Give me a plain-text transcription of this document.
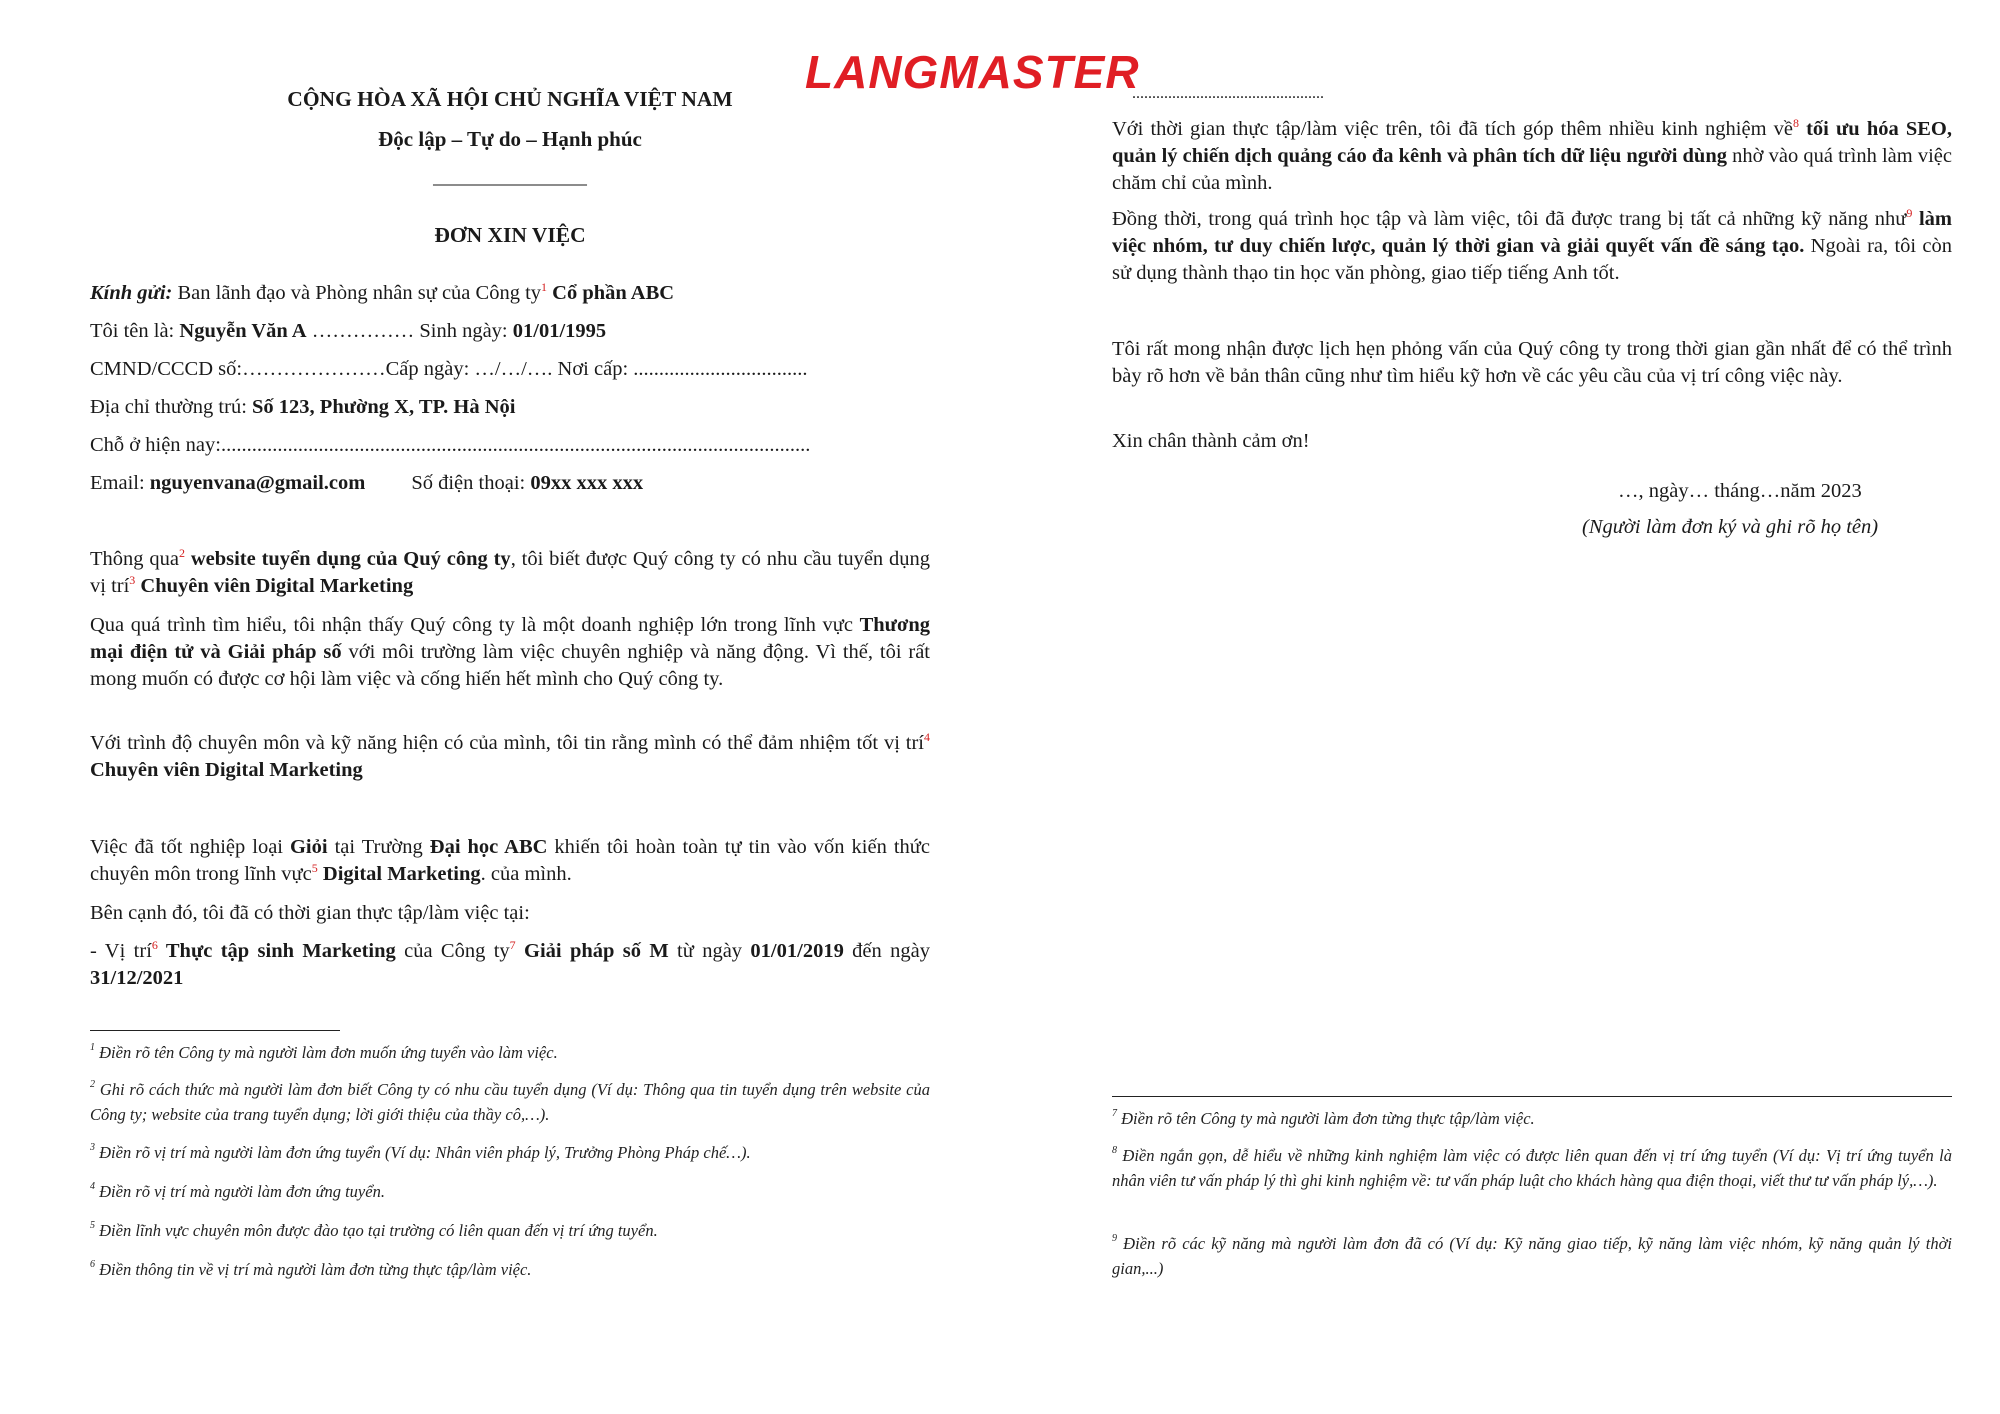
LANGMASTER

CỘNG HÒA XÃ HỘI CHỦ NGHĨA VIỆT NAM

Độc lập – Tự do – Hạnh phúc

_______________

ĐƠN XIN VIỆC

Kính gửi: Ban lãnh đạo và Phòng nhân sự của Công $ty^1$ Cổ phần ABC

Tôi tên là: Nguyễn Văn A …………… Sinh ngày: 01/01/1995

CMND/CCCD số:…………………Cấp ngày: …/…/…. Nơi cấp: ..................................

Địa chỉ thường trú: Số 123, Phường X, TP. Hà Nội

Chỗ ở hiện nay:...................................................................................................................

Email: nguyenvana@gmail.com Số điện thoại: 09xx xxx xxx

Thông qua$^2$ website tuyển dụng của Quý công ty, tôi biết được Quý công ty có nhu cầu tuyển dụng vị trí$^3$ Chuyên viên Digital Marketing

Qua quá trình tìm hiểu, tôi nhận thấy Quý công ty là một doanh nghiệp lớn trong lĩnh vực Thương mại điện tử và Giải pháp số với môi trường làm việc chuyên nghiệp và năng động. Vì thế, tôi rất mong muốn có được cơ hội làm việc và cống hiến hết mình cho Quý công ty.

Với trình độ chuyên môn và kỹ năng hiện có của mình, tôi tin rằng mình có thể đảm nhiệm tốt vị trí$^4$ Chuyên viên Digital Marketing

Việc đã tốt nghiệp loại Giỏi tại Trường Đại học ABC khiến tôi hoàn toàn tự tin vào vốn kiến thức chuyên môn trong lĩnh vực$^5$ Digital Marketing. của mình.

Bên cạnh đó, tôi đã có thời gian thực tập/làm việc tại:

- Vị trí$^6$ Thực tập sinh Marketing của Công $ty^7$ Giải pháp số M từ ngày 01/01/2019 đến ngày 31/12/2021

$^1$ Điền rõ tên Công ty mà người làm đơn muốn ứng tuyển vào làm việc.

$^2$ Ghi rõ cách thức mà người làm đơn biết Công ty có nhu cầu tuyển dụng (Ví dụ: Thông qua tin tuyển dụng trên website của Công ty; website của trang tuyển dụng; lời giới thiệu của thầy cô,…).

$^3$ Điền rõ vị trí mà người làm đơn ứng tuyển (Ví dụ: Nhân viên pháp lý, Trưởng Phòng Pháp chế…).

$^4$ Điền rõ vị trí mà người làm đơn ứng tuyển.

$^5$ Điền lĩnh vực chuyên môn được đào tạo tại trường có liên quan đến vị trí ứng tuyển.

$^6$ Điền thông tin về vị trí mà người làm đơn từng thực tập/làm việc.

................................................

Với thời gian thực tập/làm việc trên, tôi đã tích góp thêm nhiều kinh nghiệm về$^8$ tối ưu hóa SEO, quản lý chiến dịch quảng cáo đa kênh và phân tích dữ liệu người dùng nhờ vào quá trình làm việc chăm chỉ của mình.

Đồng thời, trong quá trình học tập và làm việc, tôi đã được trang bị tất cả những kỹ năng như$^9$ làm việc nhóm, tư duy chiến lược, quản lý thời gian và giải quyết vấn đề sáng tạo. Ngoài ra, tôi còn sử dụng thành thạo tin học văn phòng, giao tiếp tiếng Anh tốt.

Tôi rất mong nhận được lịch hẹn phỏng vấn của Quý công ty trong thời gian gần nhất để có thể trình bày rõ hơn về bản thân cũng như tìm hiểu kỹ hơn về các yêu cầu của vị trí công việc này.

Xin chân thành cảm ơn!

…, ngày… tháng…năm 2023

(Người làm đơn ký và ghi rõ họ tên)

$^7$ Điền rõ tên Công ty mà người làm đơn từng thực tập/làm việc.

$^8$ Điền ngắn gọn, dễ hiểu về những kinh nghiệm làm việc có được liên quan đến vị trí ứng tuyển (Ví dụ: Vị trí ứng tuyển là nhân viên tư vấn pháp lý thì ghi kinh nghiệm về: tư vấn pháp luật cho khách hàng qua điện thoại, viết thư tư vấn pháp lý,…).

$^9$ Điền rõ các kỹ năng mà người làm đơn đã có (Ví dụ: Kỹ năng giao tiếp, kỹ năng làm việc nhóm, kỹ năng quản lý thời gian,...)
